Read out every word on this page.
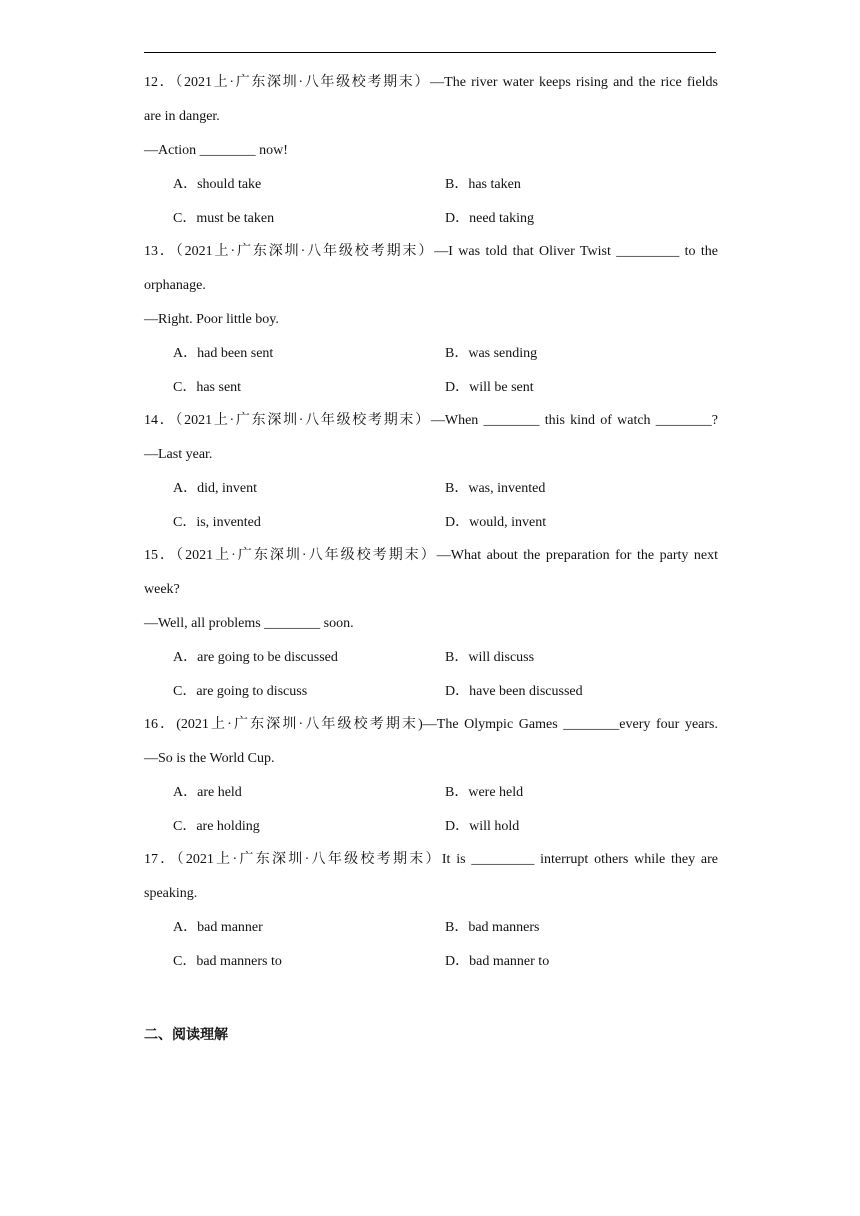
12．（2021上·广东深圳·八年级校考期末）—The river water keeps rising and the rice fields
are in danger.
—Action ________ now!
A．should take	B．has taken
C．must be taken	D．need taking
13．（2021上·广东深圳·八年级校考期末）—I was told that Oliver Twist _________ to the
orphanage.
—Right. Poor little boy.
A．had been sent	B．was sending
C．has sent	D．will be sent
14．（2021上·广东深圳·八年级校考期末）—When ________ this kind of watch ________?
—Last year.
A．did, invent	B．was, invented
C．is, invented	D．would, invent
15．（2021上·广东深圳·八年级校考期末）—What about the preparation for the party next
week?
—Well, all problems ________ soon.
A．are going to be discussed	B．will discuss
C．are going to discuss	D．have been discussed
16．(2021上·广东深圳·八年级校考期末)—The Olympic Games ________every four years.
—So is the World Cup.
A．are held	B．were held
C．are holding	D．will hold
17．（2021上·广东深圳·八年级校考期末）It is _________ interrupt others while they are
speaking.
A．bad manner	B．bad manners
C．bad manners to	D．bad manner to
二、阅读理解
